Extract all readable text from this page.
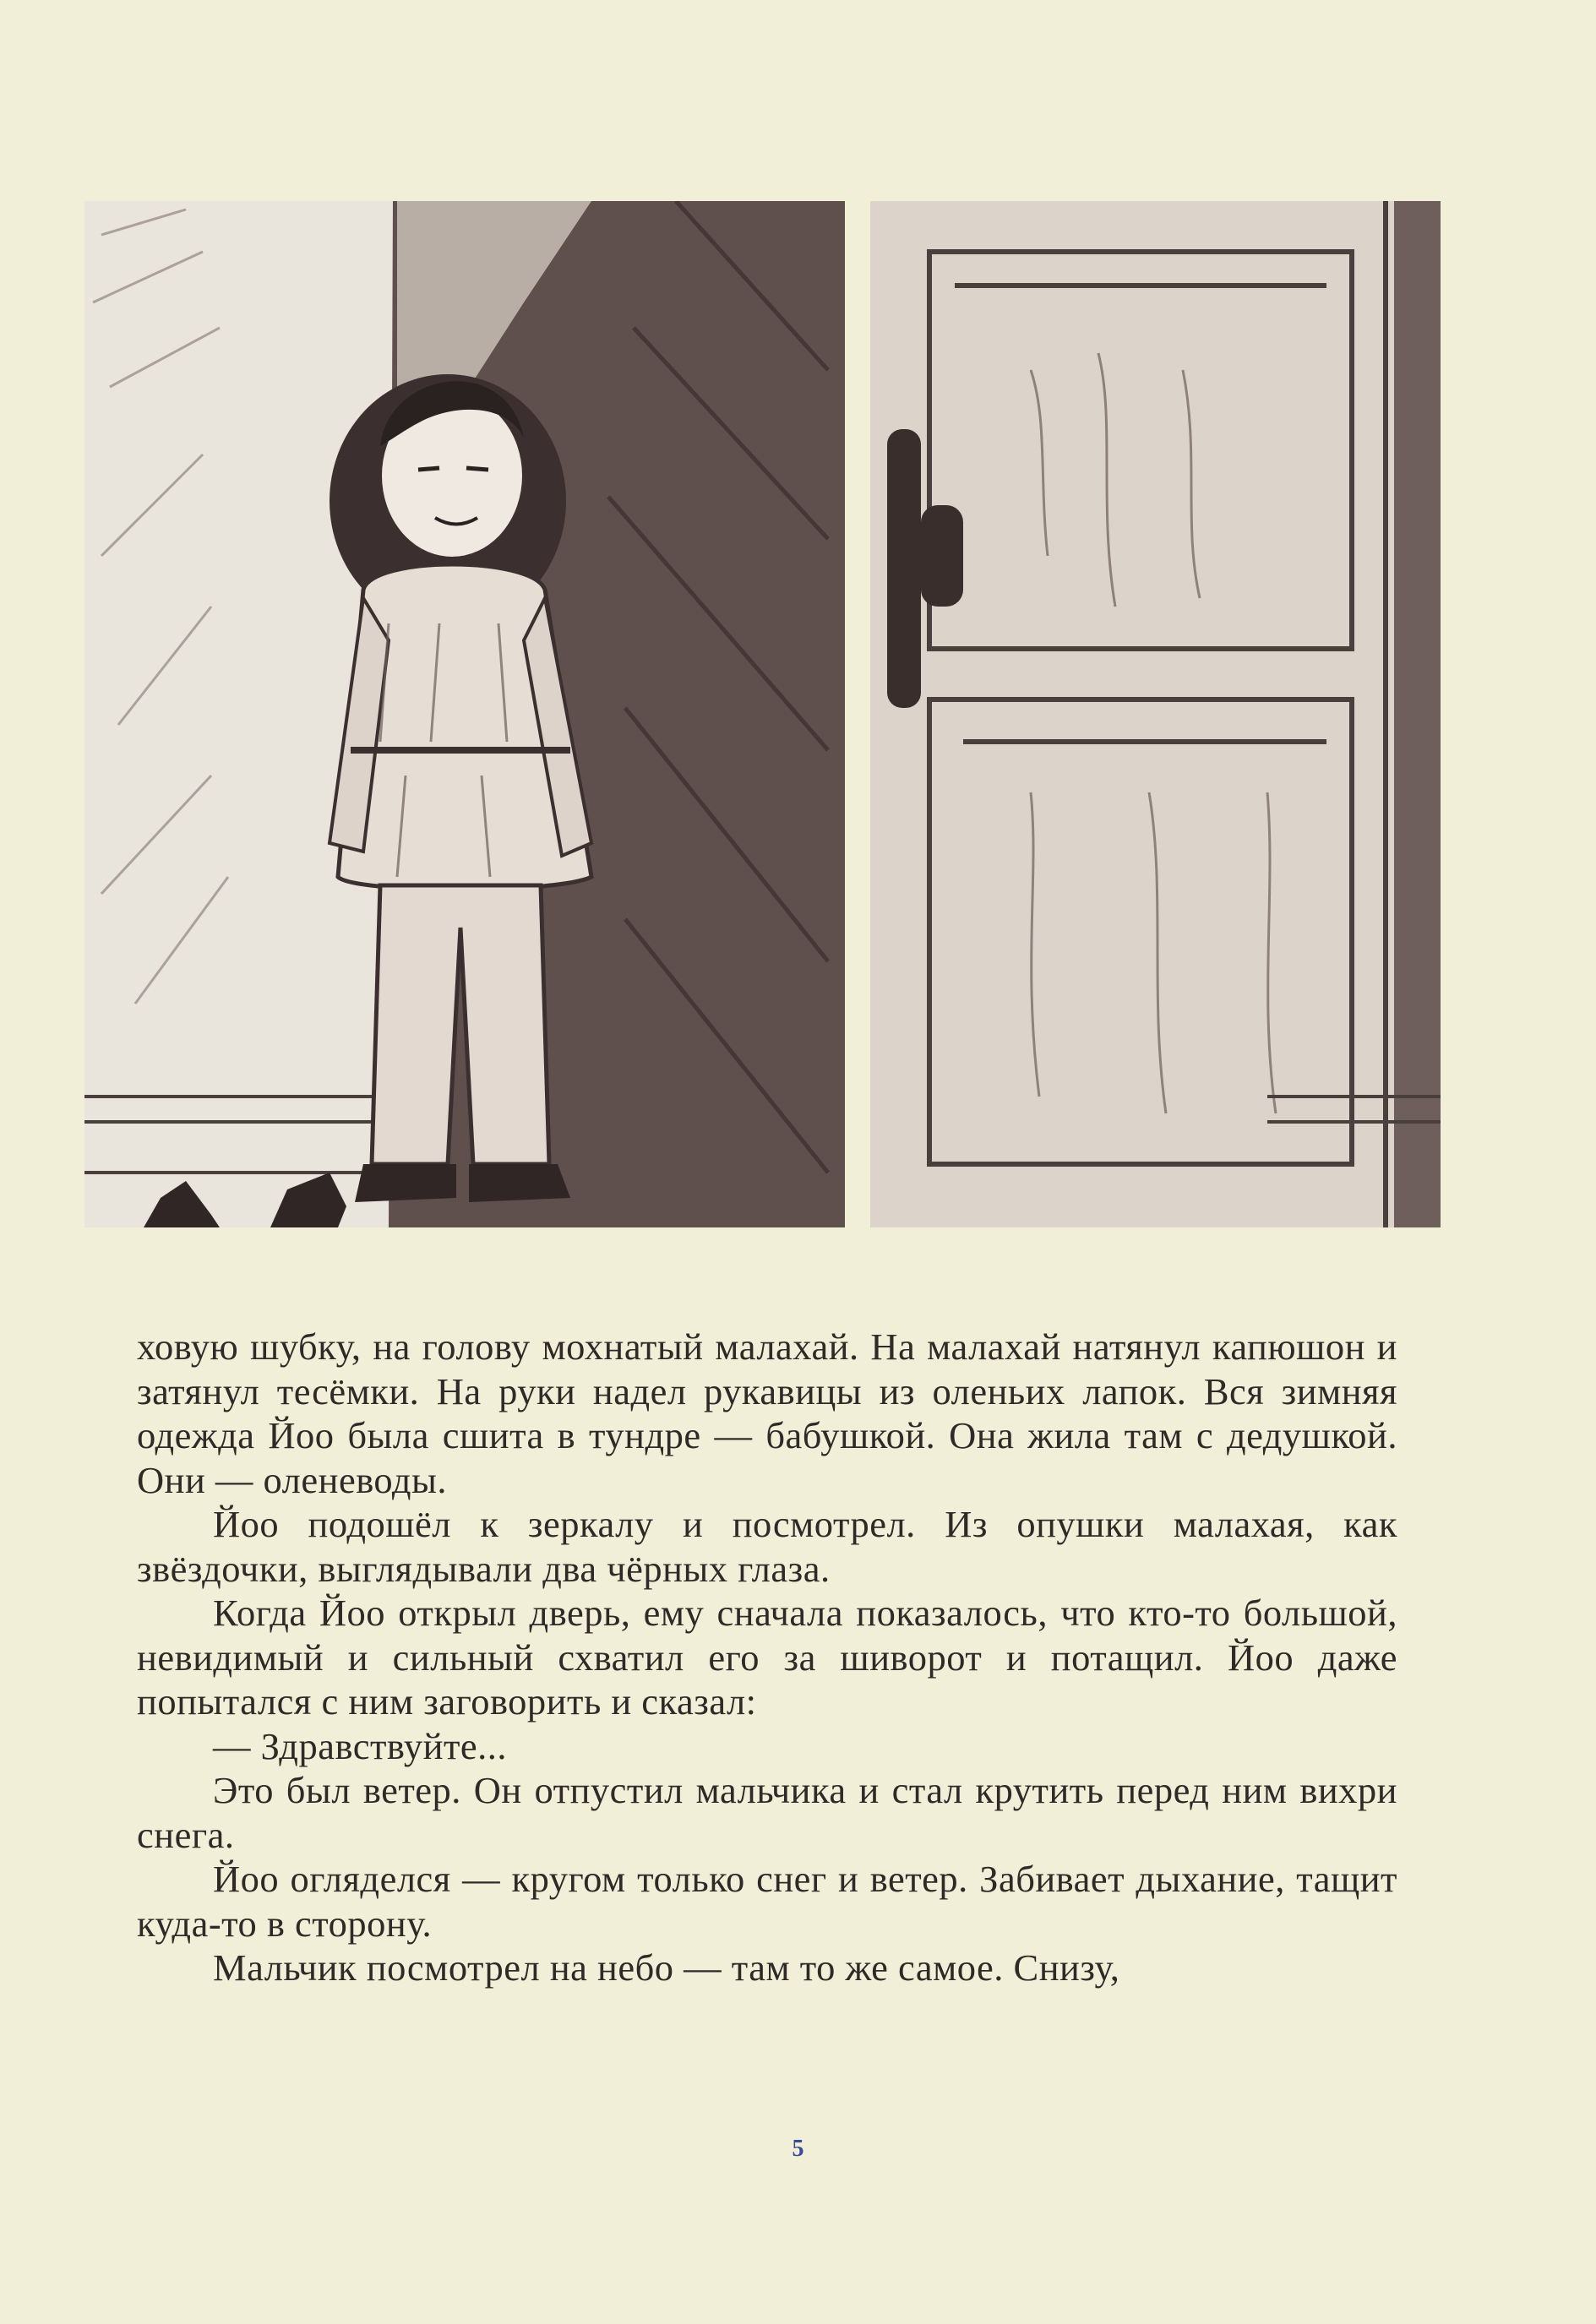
ховую шубку, на голову мохнатый малахай. На малахай натянул капюшон и затянул тесёмки. На руки надел рукавицы из оленьих лапок. Вся зимняя одежда Йоо была сшита в тундре — бабушкой. Она жила там с дедушкой. Они — оленеводы.

Йоо подошёл к зеркалу и посмотрел. Из опушки малахая, как звёздочки, выглядывали два чёрных глаза.

Когда Йоо открыл дверь, ему сначала показалось, что кто-то большой, невидимый и сильный схватил его за шиворот и потащил. Йоо даже попытался с ним заговорить и сказал:

— Здравствуйте...

Это был ветер. Он отпустил мальчика и стал крутить перед ним вихри снега.

Йоо огляделся — кругом только снег и ветер. Забивает дыхание, тащит куда-то в сторону.

Мальчик посмотрел на небо — там то же самое. Снизу,

5
